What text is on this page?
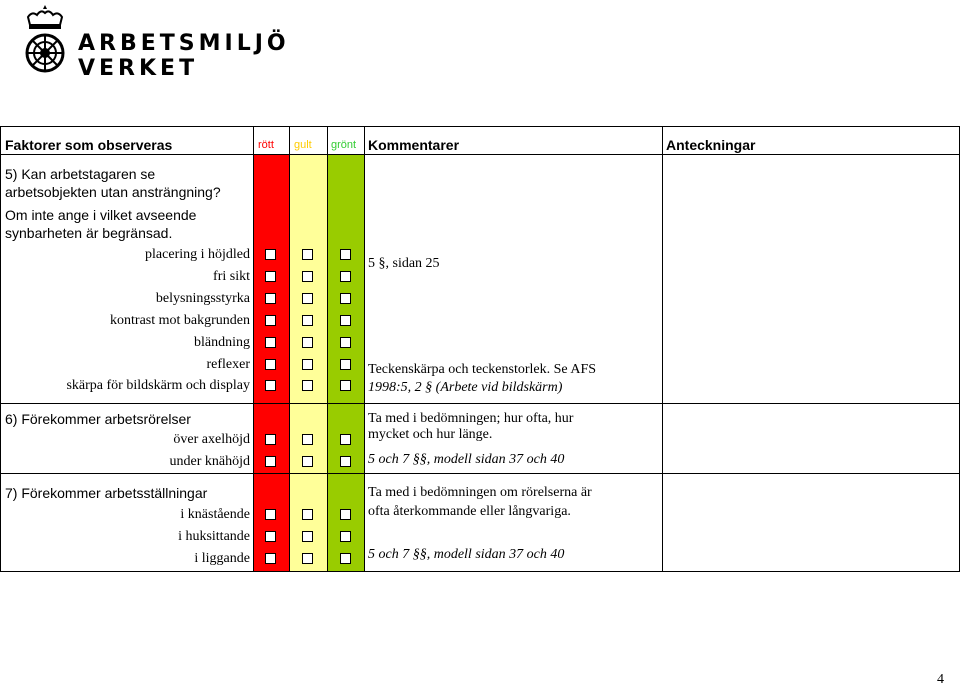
ARBETSMILJÖ
VERKET
Faktorer som observeras	rött gult grönt Kommentarer	Anteckningar
5) Kan arbetstagaren se
arbetsobjekten utan ansträngning?
Om inte ange i vilket avseende
synbarheten är begränsad.
placering i höjdled
fri sikt
belysningsstyrka
kontrast mot bakgrunden
bländning
reflexer
skärpa för bildskärm och display
5 §, sidan 25
Teckenskärpa och teckenstorlek. Se AFS
1998:5, 2 § (Arbete vid bildskärm)
6) Förekommer arbetsrörelser
över axelhöjd
under knähöjd
Ta med i bedömningen; hur ofta, hur
mycket och hur länge.
5 och 7 §§, modell sidan 37 och 40
7) Förekommer arbetsställningar
i knästående
i huksittande
i liggande
Ta med i bedömningen om rörelserna är
ofta återkommande eller långvariga.
5 och 7 §§, modell sidan 37 och 40
4
